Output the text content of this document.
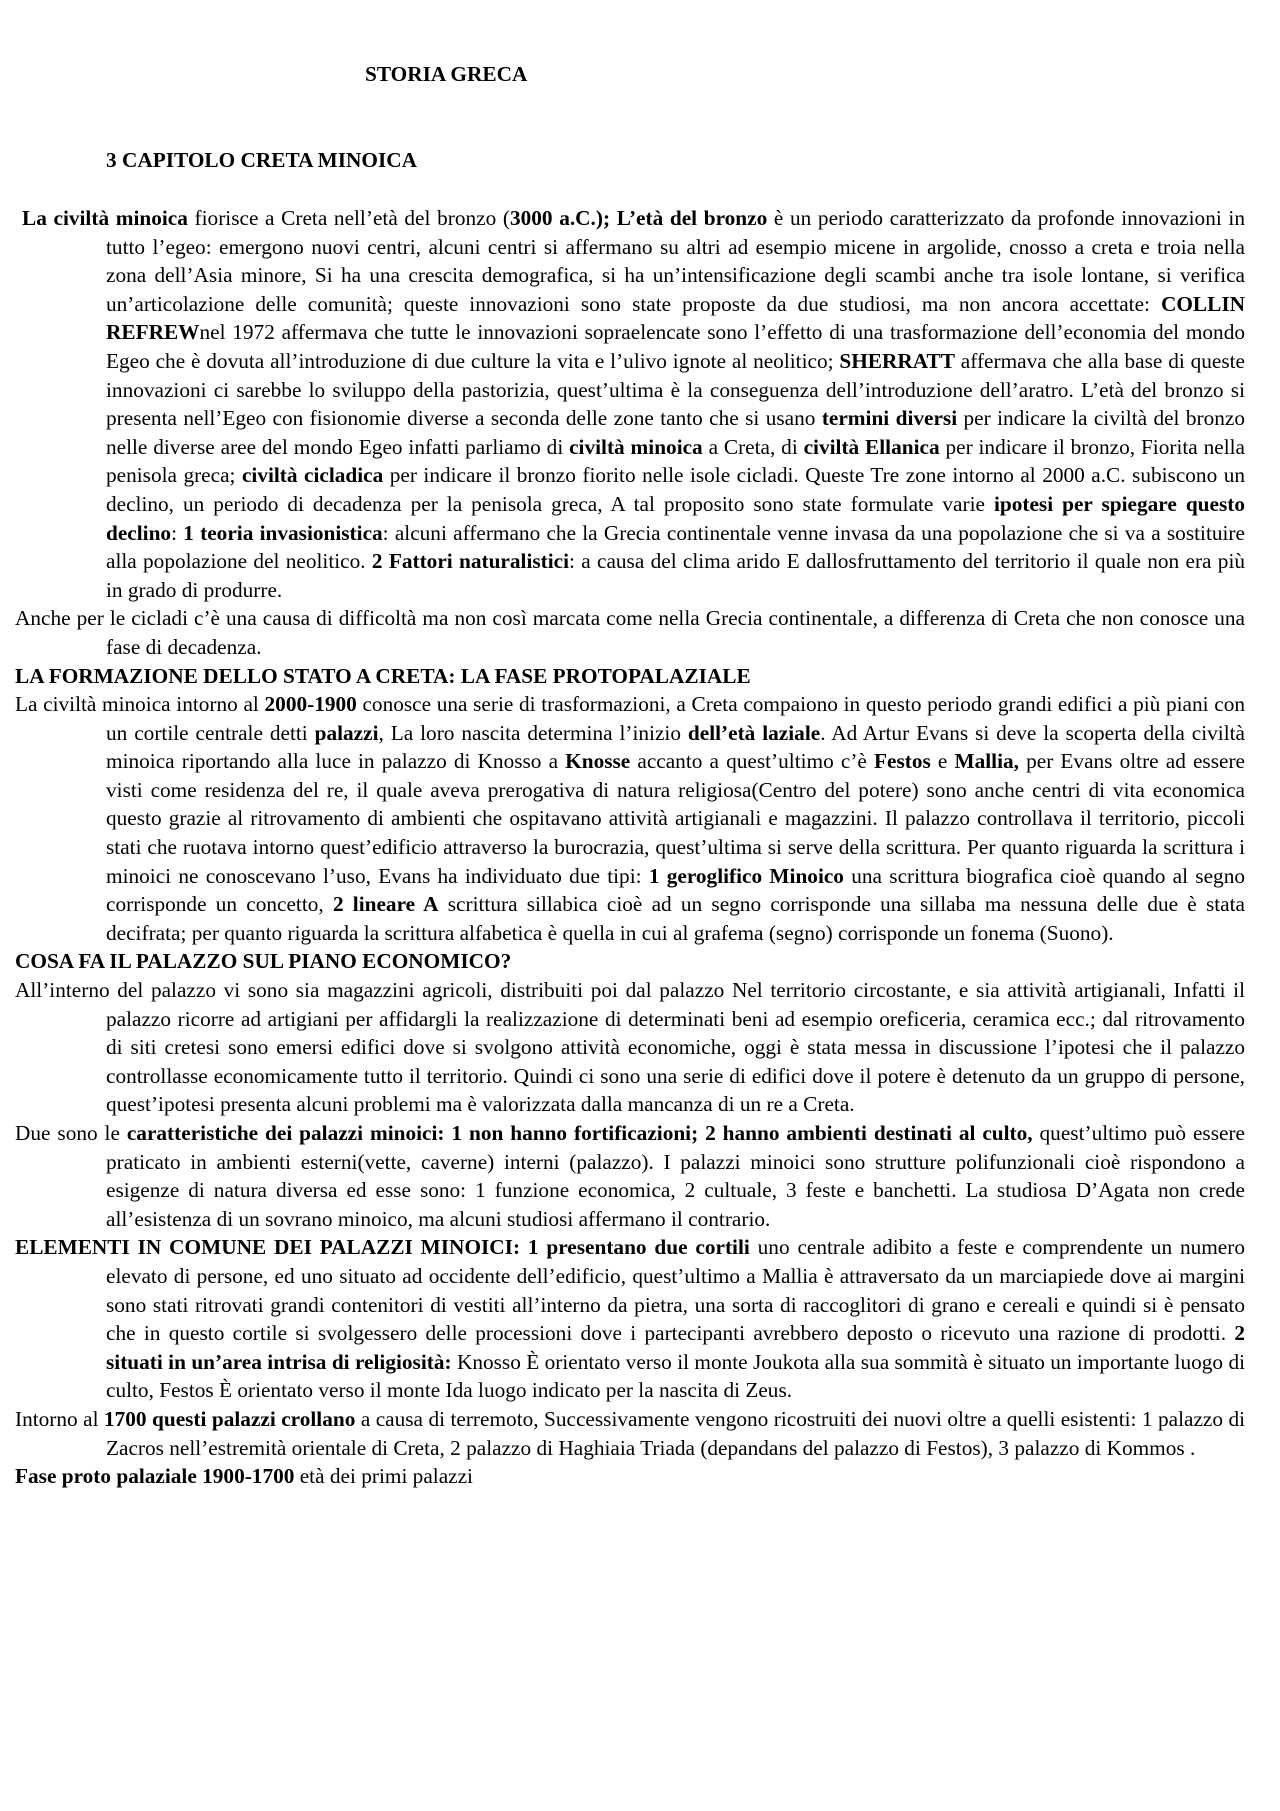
STORIA GRECA
3 CAPITOLO CRETA MINOICA

La civiltà minoica fiorisce a Creta nell’età del bronzo (3000 a.C.); L’età del bronzo è un periodo caratterizzato da profonde innovazioni in tutto l’egeo: emergono nuovi centri, alcuni centri si affermano su altri ad esempio micene in argolide, cnosso a creta e troia nella zona dell’Asia minore, Si ha una crescita demografica, si ha un’intensificazione degli scambi anche tra isole lontane, si verifica un’articolazione delle comunità; queste innovazioni sono state proposte da due studiosi, ma non ancora accettate: COLLIN REFREWnel 1972 affermava che tutte le innovazioni sopraelencate sono l’effetto di una trasformazione dell’economia del mondo Egeo che è dovuta all’introduzione di due culture la vita e l’ulivo ignote al neolitico; SHERRATT affermava che alla base di queste innovazioni ci sarebbe lo sviluppo della pastorizia, quest’ultima è la conseguenza dell’introduzione dell’aratro. L’età del bronzo si presenta nell’Egeo con fisionomie diverse a seconda delle zone tanto che si usano termini diversi per indicare la civiltà del bronzo nelle diverse aree del mondo Egeo infatti parliamo di civiltà minoica a Creta, di civiltà Ellanica per indicare il bronzo, Fiorita nella penisola greca; civiltà cicladica per indicare il bronzo fiorito nelle isole cicladi. Queste Tre zone intorno al 2000 a.C. subiscono un declino, un periodo di decadenza per la penisola greca, A tal proposito sono state formulate varie ipotesi per spiegare questo declino: 1 teoria invasionistica: alcuni affermano che la Grecia continentale venne invasa da una popolazione che si va a sostituire alla popolazione del neolitico. 2 Fattori naturalistici: a causa del clima arido E dallosfruttamento del territorio il quale non era più in grado di produrre.

Anche per le cicladi c’è una causa di difficoltà ma non così marcata come nella Grecia continentale, a differenza di Creta che non conosce una fase di decadenza.

LA FORMAZIONE DELLO STATO A CRETA: LA FASE PROTOPALAZIALE

La civiltà minoica intorno al 2000-1900 conosce una serie di trasformazioni, a Creta compaiono in questo periodo grandi edifici a più piani con un cortile centrale detti palazzi, La loro nascita determina l’inizio dell’età laziale. Ad Artur Evans si deve la scoperta della civiltà minoica riportando alla luce in palazzo di Knosso a Knosse accanto a quest’ultimo c’è Festos e Mallia, per Evans oltre ad essere visti come residenza del re, il quale aveva prerogativa di natura religiosa(Centro del potere) sono anche centri di vita economica questo grazie al ritrovamento di ambienti che ospitavano attività artigianali e magazzini. Il palazzo controllava il territorio, piccoli stati che ruotava intorno quest’edificio attraverso la burocrazia, quest’ultima si serve della scrittura. Per quanto riguarda la scrittura i minoici ne conoscevano l’uso, Evans ha individuato due tipi: 1 geroglifico Minoico una scrittura biografica cioè quando al segno corrisponde un concetto, 2 lineare A scrittura sillabica cioè ad un segno corrisponde una sillaba ma nessuna delle due è stata decifrata; per quanto riguarda la scrittura alfabetica è quella in cui al grafema (segno) corrisponde un fonema (Suono).

COSA FA IL PALAZZO SUL PIANO ECONOMICO?

All’interno del palazzo vi sono sia magazzini agricoli, distribuiti poi dal palazzo Nel territorio circostante, e sia attività artigianali, Infatti il palazzo ricorre ad artigiani per affidargli la realizzazione di determinati beni ad esempio oreficeria, ceramica ecc.; dal ritrovamento di siti cretesi sono emersi edifici dove si svolgono attività economiche, oggi è stata messa in discussione l’ipotesi che il palazzo controllasse economicamente tutto il territorio. Quindi ci sono una serie di edifici dove il potere è detenuto da un gruppo di persone, quest’ipotesi presenta alcuni problemi ma è valorizzata dalla mancanza di un re a Creta.

Due sono le caratteristiche dei palazzi minoici: 1 non hanno fortificazioni; 2 hanno ambienti destinati al culto, quest’ultimo può essere praticato in ambienti esterni(vette, caverne) interni (palazzo). I palazzi minoici sono strutture polifunzionali cioè rispondono a esigenze di natura diversa ed esse sono: 1 funzione economica, 2 cultuale, 3 feste e banchetti. La studiosa D’Agata non crede all’esistenza di un sovrano minoico, ma alcuni studiosi affermano il contrario.

ELEMENTI IN COMUNE DEI PALAZZI MINOICI: 1 presentano due cortili uno centrale adibito a feste e comprendente un numero elevato di persone, ed uno situato ad occidente dell’edificio, quest’ultimo a Mallia è attraversato da un marciapiede dove ai margini sono stati ritrovati grandi contenitori di vestiti all’interno da pietra, una sorta di raccoglitori di grano e cereali e quindi si è pensato che in questo cortile si svolgessero delle processioni dove i partecipanti avrebbero deposto o ricevuto una razione di prodotti. 2 situati in un’area intrisa di religiosità: Knosso È orientato verso il monte Joukota alla sua sommità è situato un importante luogo di culto, Festos È orientato verso il monte Ida luogo indicato per la nascita di Zeus.

Intorno al 1700 questi palazzi crollano a causa di terremoto, Successivamente vengono ricostruiti dei nuovi oltre a quelli esistenti: 1 palazzo di Zacros nell’estremità orientale di Creta, 2 palazzo di Haghiaia Triada (depandans del palazzo di Festos), 3 palazzo di Kommos .

Fase proto palaziale 1900-1700 età dei primi palazzi
